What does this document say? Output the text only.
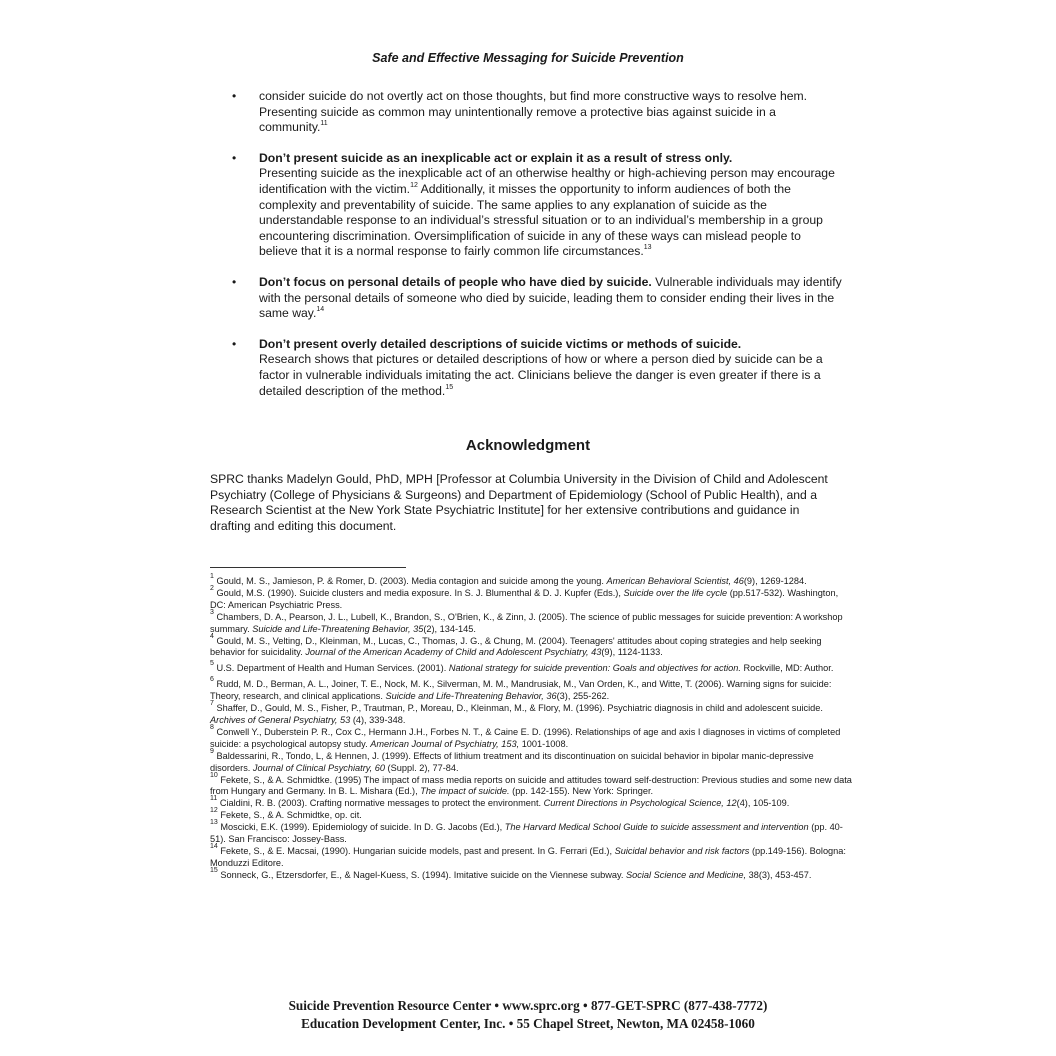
Safe and Effective Messaging for Suicide Prevention
• consider suicide do not overtly act on those thoughts, but find more constructive ways to resolve hem. Presenting suicide as common may unintentionally remove a protective bias against suicide in a community.$^{11}$
• Don’t present suicide as an inexplicable act or explain it as a result of stress only.
Presenting suicide as the inexplicable act of an otherwise healthy or high-achieving person may encourage identification with the victim.$^{12}$ Additionally, it misses the opportunity to inform audiences of both the complexity and preventability of suicide. The same applies to any explanation of suicide as the understandable response to an individual’s stressful situation or to an individual’s membership in a group encountering discrimination. Oversimplification of suicide in any of these ways can mislead people to believe that it is a normal response to fairly common life circumstances.$^{13}$
• Don’t focus on personal details of people who have died by suicide. Vulnerable individuals may identify with the personal details of someone who died by suicide, leading them to consider ending their lives in the same way.$^{14}$
• Don’t present overly detailed descriptions of suicide victims or methods of suicide.
Research shows that pictures or detailed descriptions of how or where a person died by suicide can be a factor in vulnerable individuals imitating the act. Clinicians believe the danger is even greater if there is a detailed description of the method.$^{15}$
Acknowledgment
SPRC thanks Madelyn Gould, PhD, MPH [Professor at Columbia University in the Division of Child and Adolescent Psychiatry (College of Physicians & Surgeons) and Department of Epidemiology (School of Public Health), and a Research Scientist at the New York State Psychiatric Institute] for her extensive contributions and guidance in drafting and editing this document.

$^1$ Gould, M. S., Jamieson, P. & Romer, D. (2003). Media contagion and suicide among the young. American Behavioral Scientist, 46(9), 1269-1284.

$^2$ Gould, M.S. (1990). Suicide clusters and media exposure. In S. J. Blumenthal & D. J. Kupfer (Eds.), Suicide over the life cycle (pp.517-532). Washington, DC: American Psychiatric Press.

$^3$ Chambers, D. A., Pearson, J. L., Lubell, K., Brandon, S., O'Brien, K., & Zinn, J. (2005). The science of public messages for suicide prevention: A workshop summary. Suicide and Life-Threatening Behavior, 35(2), 134-145.

$^4$ Gould, M. S., Velting, D., Kleinman, M., Lucas, C., Thomas, J. G., & Chung, M. (2004). Teenagers' attitudes about coping strategies and help seeking behavior for suicidality. Journal of the American Academy of Child and Adolescent Psychiatry, 43(9), 1124-1133.

$^5$ U.S. Department of Health and Human Services. (2001). National strategy for suicide prevention: Goals and objectives for action. Rockville, MD: Author.

$^6$ Rudd, M. D., Berman, A. L., Joiner, T. E., Nock, M. K., Silverman, M. M., Mandrusiak, M., Van Orden, K., and Witte, T. (2006). Warning signs for suicide: Theory, research, and clinical applications. Suicide and Life-Threatening Behavior, 36(3), 255-262.

$^7$ Shaffer, D., Gould, M. S., Fisher, P., Trautman, P., Moreau, D., Kleinman, M., & Flory, M. (1996). Psychiatric diagnosis in child and adolescent suicide. Archives of General Psychiatry, 53 (4), 339-348.

$^8$ Conwell Y., Duberstein P. R., Cox C., Hermann J.H., Forbes N. T., & Caine E. D. (1996). Relationships of age and axis I diagnoses in victims of completed suicide: a psychological autopsy study. American Journal of Psychiatry, 153, 1001-1008.

$^9$ Baldessarini, R., Tondo, L, & Hennen, J. (1999). Effects of lithium treatment and its discontinuation on suicidal behavior in bipolar manic-depressive disorders. Journal of Clinical Psychiatry, 60 (Suppl. 2), 77-84.

$^{10}$ Fekete, S., & A. Schmidtke. (1995) The impact of mass media reports on suicide and attitudes toward self-destruction: Previous studies and some new data from Hungary and Germany. In B. L. Mishara (Ed.), The impact of suicide. (pp. 142-155). New York: Springer.

$^{11}$ Cialdini, R. B. (2003). Crafting normative messages to protect the environment. Current Directions in Psychological Science, 12(4), 105-109.

$^{12}$ Fekete, S., & A. Schmidtke, op. cit.

$^{13}$ Moscicki, E.K. (1999). Epidemiology of suicide. In D. G. Jacobs (Ed.), The Harvard Medical School Guide to suicide assessment and intervention (pp. 40-51). San Francisco: Jossey-Bass.

$^{14}$ Fekete, S., & E. Macsai, (1990). Hungarian suicide models, past and present. In G. Ferrari (Ed.), Suicidal behavior and risk factors (pp.149-156). Bologna: Monduzzi Editore.

$^{15}$ Sonneck, G., Etzersdorfer, E., & Nagel-Kuess, S. (1994). Imitative suicide on the Viennese subway. Social Science and Medicine, 38(3), 453-457.

Suicide Prevention Resource Center • www.sprc.org • 877-GET-SPRC (877-438-7772)
Education Development Center, Inc. • 55 Chapel Street, Newton, MA 02458-1060
